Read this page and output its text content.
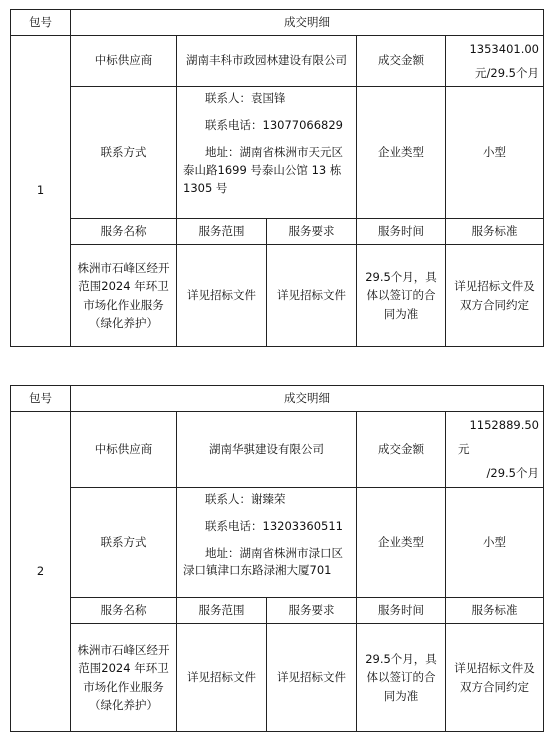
包号	成交明细				
1	中标供应商	湖南丰科市政园林建设有限公司		成交金额	1353401.00
元/29.5个月

	联系方式	联系人：袁国锋
联系电话：13077066829
地址：湖南省株洲市天元区
泰山路1699 号泰山公馆 13 栋
1305 号		企业类型	小型
	服务名称	服务范围	服务要求	服务时间	服务标准
	株洲市石峰区经开范围2024 年环卫市场化作业服务（绿化养护）	详见招标文件	详见招标文件	29.5个月，具体以签订的合同为准	详见招标文件及双方合同约定
包号	成交明细				
2	中标供应商	湖南华骐建设有限公司		成交金额	1152889.50
元
/29.5个月

	联系方式	联系人：谢臻荣
联系电话：13203360511
地址：湖南省株洲市渌口区
渌口镇津口东路渌湘大厦701		企业类型	小型
	服务名称	服务范围	服务要求	服务时间	服务标准
	株洲市石峰区经开范围2024 年环卫市场化作业服务（绿化养护）	详见招标文件	详见招标文件	29.5个月，具体以签订的合同为准	详见招标文件及双方合同约定
